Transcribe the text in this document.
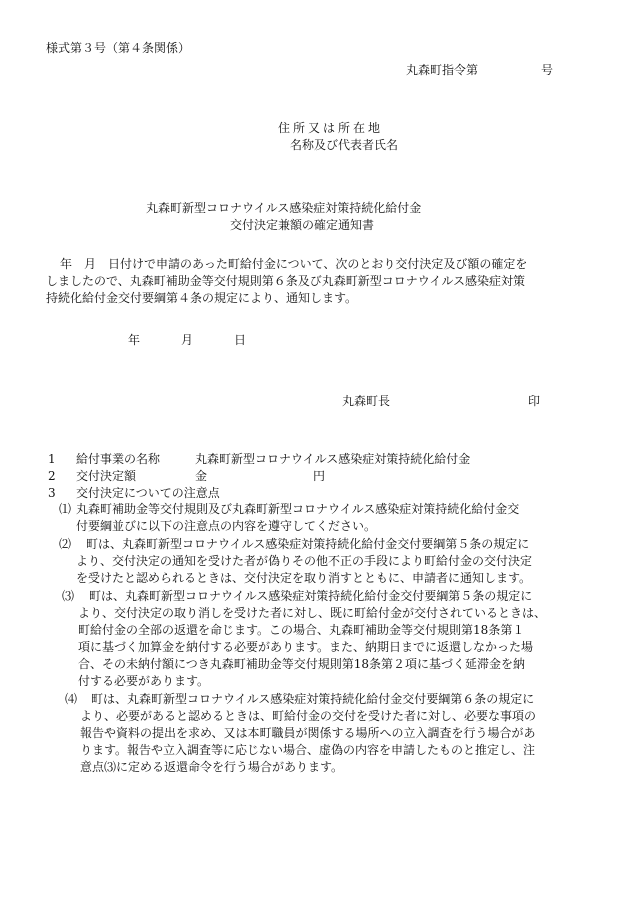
様式第３号（第４条関係）
丸森町指令第	号
住所又は所在地
名称及び代表者氏名
丸森町新型コロナウイルス感染症対策持続化給付金
交付決定兼額の確定通知書
年　月　日付けで申請のあった町給付金について、次のとおり交付決定及び額の確定を
しましたので、丸森町補助金等交付規則第６条及び丸森町新型コロナウイルス感染症対策
持続化給付金交付要綱第４条の規定により、通知します。
年	月	日
丸森町長	印
1 給付事業の名称	丸森町新型コロナウイルス感染症対策持続化給付金
2 交付決定額	金	円
3 交付決定についての注意点
⑴ 丸森町補助金等交付規則及び丸森町新型コロナウイルス感染症対策持続化給付金交
付要綱並びに以下の注意点の内容を遵守してください。
⑵ 町は、丸森町新型コロナウイルス感染症対策持続化給付金交付要綱第５条の規定に
より、交付決定の通知を受けた者が偽りその他不正の手段により町給付金の交付決定
を受けたと認められるときは、交付決定を取り消すとともに、申請者に通知します。
⑶ 町は、丸森町新型コロナウイルス感染症対策持続化給付金交付要綱第５条の規定に
より、交付決定の取り消しを受けた者に対し、既に町給付金が交付されているときは、
町給付金の全部の返還を命じます。この場合、丸森町補助金等交付規則第18条第１
項に基づく加算金を納付する必要があります。また、納期日までに返還しなかった場
合、その未納付額につき丸森町補助金等交付規則第18条第２項に基づく延滞金を納
付する必要があります。
⑷ 町は、丸森町新型コロナウイルス感染症対策持続化給付金交付要綱第６条の規定に
より、必要があると認めるときは、町給付金の交付を受けた者に対し、必要な事項の
報告や資料の提出を求め、又は本町職員が関係する場所への立入調査を行う場合があ
ります。報告や立入調査等に応じない場合、虚偽の内容を申請したものと推定し、注
意点⑶に定める返還命令を行う場合があります。
